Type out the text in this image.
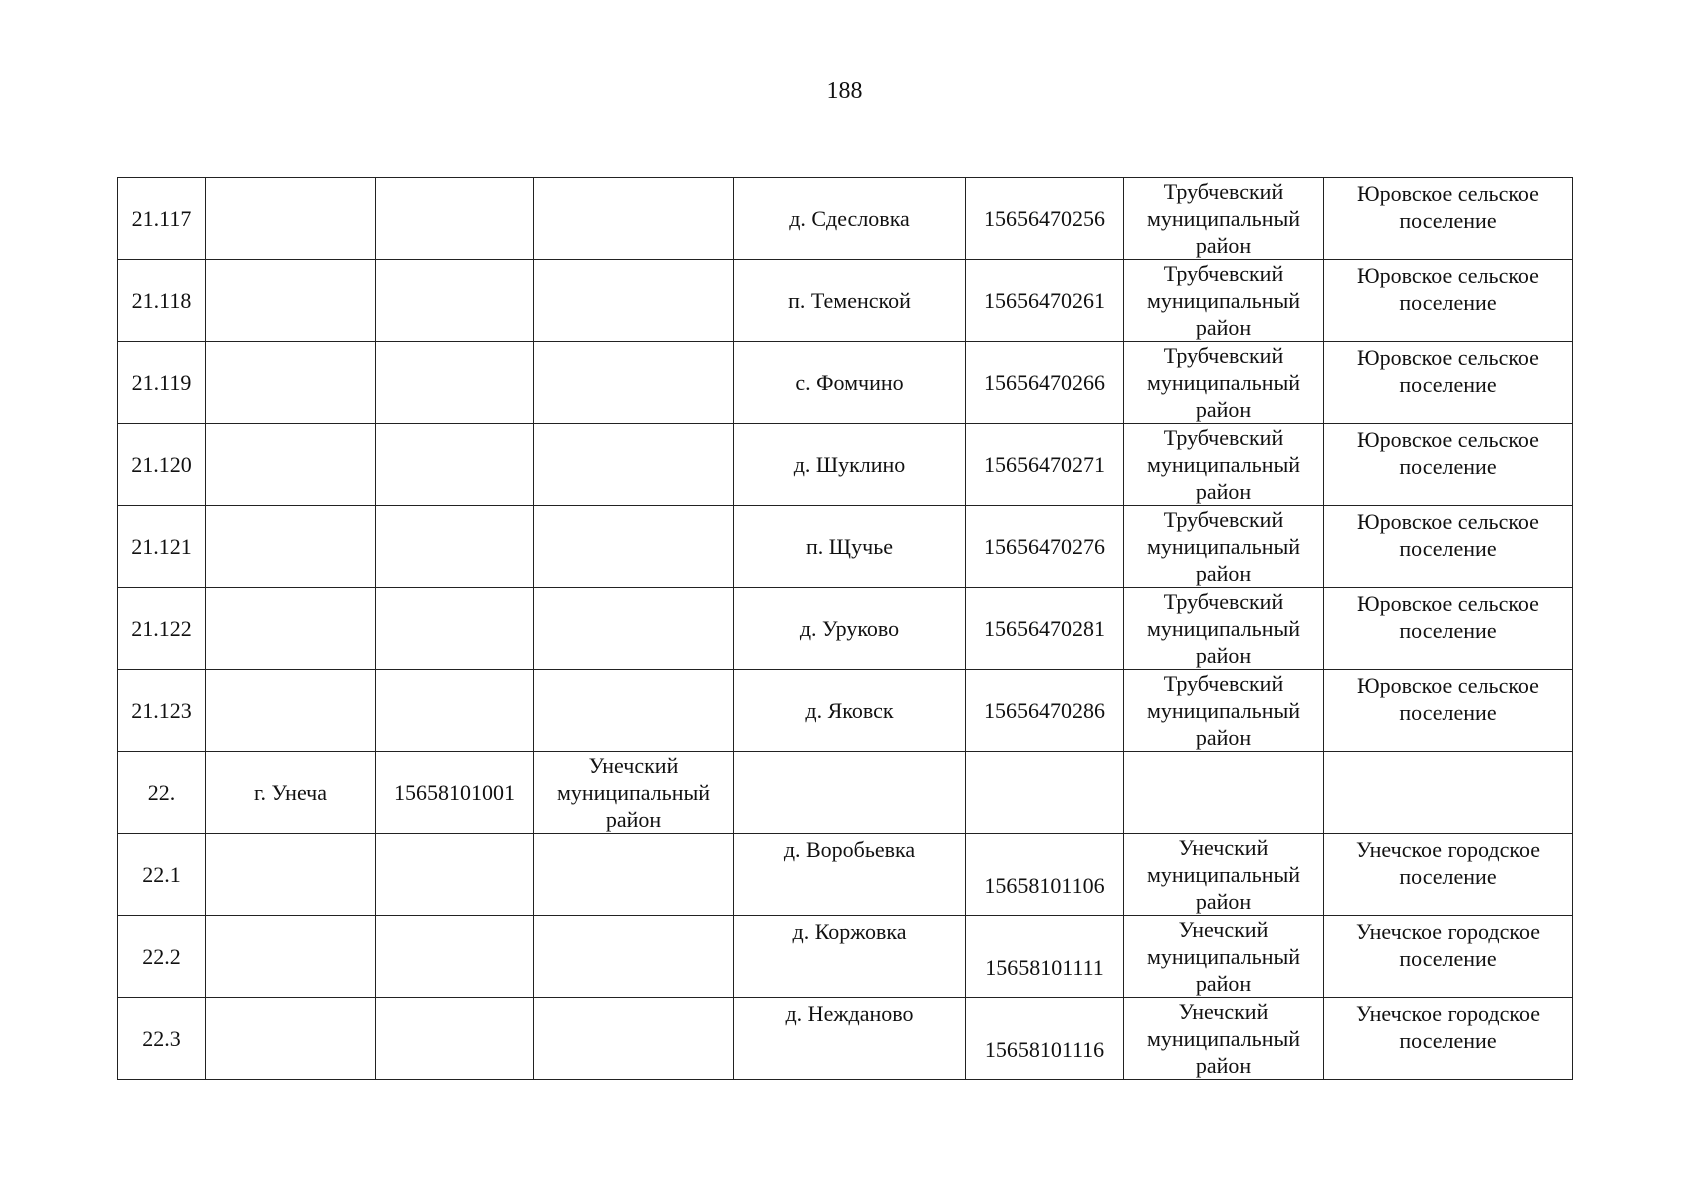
188
21.117				д. Сдесловка	15656470256	Трубчевский муниципальный район	Юровское сельское поселение
21.118				п. Теменской	15656470261	Трубчевский муниципальный район	Юровское сельское поселение
21.119				с. Фомчино	15656470266	Трубчевский муниципальный район	Юровское сельское поселение
21.120				д. Шуклино	15656470271	Трубчевский муниципальный район	Юровское сельское поселение
21.121				п. Щучье	15656470276	Трубчевский муниципальный район	Юровское сельское поселение
21.122				д. Уруково	15656470281	Трубчевский муниципальный район	Юровское сельское поселение
21.123				д. Яковск	15656470286	Трубчевский муниципальный район	Юровское сельское поселение
22.	г. Унеча	15658101001	Унечский муниципальный район				
22.1				д. Воробьевка	15658101106	Унечский муниципальный район	Унечское городское поселение
22.2				д. Коржовка	15658101111	Унечский муниципальный район	Унечское городское поселение
22.3				д. Нежданово	15658101116	Унечский муниципальный район	Унечское городское поселение
